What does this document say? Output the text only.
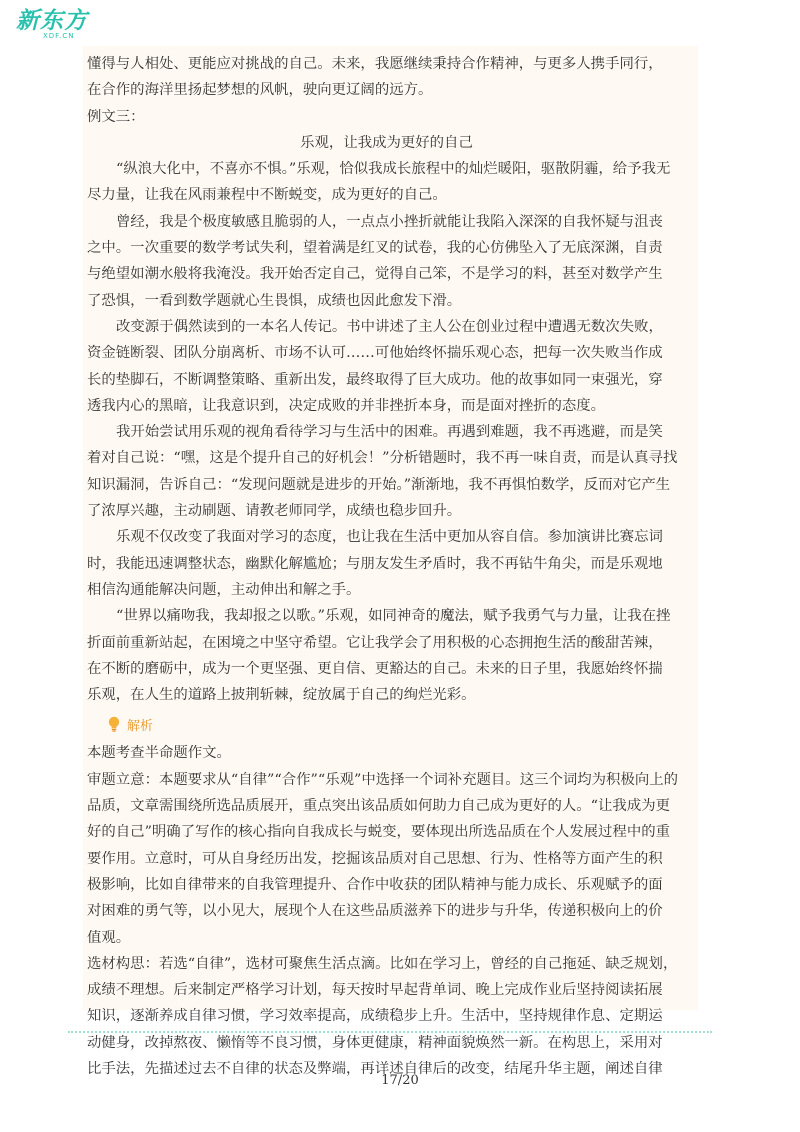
新东方
XDF.CN
懂得与人相处、更能应对挑战的自己。未来，我愿继续秉持合作精神，与更多人携手同行，
在合作的海洋里扬起梦想的风帆，驶向更辽阔的远方。
例文三：
乐观，让我成为更好的自己
“纵浪大化中，不喜亦不惧。”乐观，恰似我成长旅程中的灿烂暖阳，驱散阴霾，给予我无
尽力量，让我在风雨兼程中不断蜕变，成为更好的自己。
曾经，我是个极度敏感且脆弱的人，一点点小挫折就能让我陷入深深的自我怀疑与沮丧
之中。一次重要的数学考试失利，望着满是红叉的试卷，我的心仿佛坠入了无底深渊，自责
与绝望如潮水般将我淹没。我开始否定自己，觉得自己笨，不是学习的料，甚至对数学产生
了恐惧，一看到数学题就心生畏惧，成绩也因此愈发下滑。
改变源于偶然读到的一本名人传记。书中讲述了主人公在创业过程中遭遇无数次失败，
资金链断裂、团队分崩离析、市场不认可……可他始终怀揣乐观心态，把每一次失败当作成
长的垫脚石，不断调整策略、重新出发，最终取得了巨大成功。他的故事如同一束强光，穿
透我内心的黑暗，让我意识到，决定成败的并非挫折本身，而是面对挫折的态度。
我开始尝试用乐观的视角看待学习与生活中的困难。再遇到难题，我不再逃避，而是笑
着对自己说：“嘿，这是个提升自己的好机会！”分析错题时，我不再一味自责，而是认真寻找
知识漏洞，告诉自己：“发现问题就是进步的开始。”渐渐地，我不再惧怕数学，反而对它产生
了浓厚兴趣，主动刷题、请教老师同学，成绩也稳步回升。
乐观不仅改变了我面对学习的态度，也让我在生活中更加从容自信。参加演讲比赛忘词
时，我能迅速调整状态，幽默化解尴尬；与朋友发生矛盾时，我不再钻牛角尖，而是乐观地
相信沟通能解决问题，主动伸出和解之手。
“世界以痛吻我，我却报之以歌。”乐观，如同神奇的魔法，赋予我勇气与力量，让我在挫
折面前重新站起，在困境之中坚守希望。它让我学会了用积极的心态拥抱生活的酸甜苦辣，
在不断的磨砺中，成为一个更坚强、更自信、更豁达的自己。未来的日子里，我愿始终怀揣
乐观，在人生的道路上披荆斩棘，绽放属于自己的绚烂光彩。
解析
本题考查半命题作文。
审题立意：本题要求从“自律”“合作”“乐观”中选择一个词补充题目。这三个词均为积极向上的
品质，文章需围绕所选品质展开，重点突出该品质如何助力自己成为更好的人。“让我成为更
好的自己”明确了写作的核心指向自我成长与蜕变，要体现出所选品质在个人发展过程中的重
要作用。立意时，可从自身经历出发，挖掘该品质对自己思想、行为、性格等方面产生的积
极影响，比如自律带来的自我管理提升、合作中收获的团队精神与能力成长、乐观赋予的面
对困难的勇气等，以小见大，展现个人在这些品质滋养下的进步与升华，传递积极向上的价
值观。
选材构思：若选“自律”，选材可聚焦生活点滴。比如在学习上，曾经的自己拖延、缺乏规划，
成绩不理想。后来制定严格学习计划，每天按时早起背单词、晚上完成作业后坚持阅读拓展
知识，逐渐养成自律习惯，学习效率提高，成绩稳步上升。生活中，坚持规律作息、定期运
动健身，改掉熬夜、懒惰等不良习惯，身体更健康，精神面貌焕然一新。在构思上，采用对
比手法，先描述过去不自律的状态及弊端，再详述自律后的改变，结尾升华主题，阐述自律
17/20
